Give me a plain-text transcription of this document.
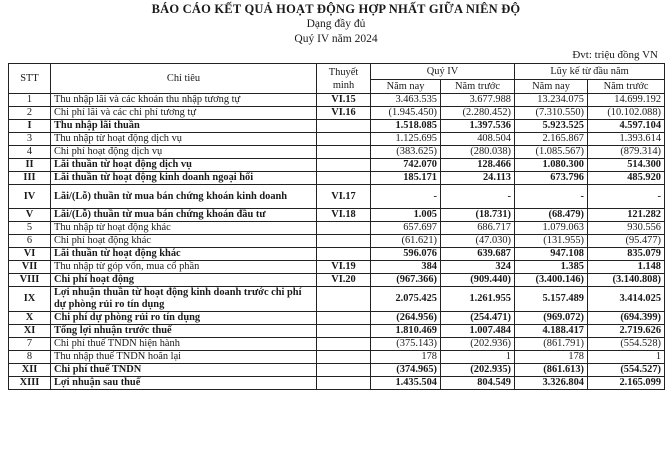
BÁO CÁO KẾT QUẢ HOẠT ĐỘNG HỢP NHẤT GIỮA NIÊN ĐỘ
Dạng đầy đủ
Quý IV năm 2024
Đvt: triệu đồng VN
STT	Chỉ tiêu	Thuyết minh	Quý IV		Lũy kế từ đầu năm	
			Năm nay	Năm trước	Năm nay	Năm trước
1	Thu nhập lãi và các khoản thu nhập tương tự	VI.15	3.463.535	3.677.988	13.234.075	14.699.192
2	Chi phí lãi và các chi phí tương tự	VI.16	(1.945.450)	(2.280.452)	(7.310.550)	(10.102.088)
I	Thu nhập lãi thuần		1.518.085	1.397.536	5.923.525	4.597.104
3	Thu nhập từ hoạt động dịch vụ		1.125.695	408.504	2.165.867	1.393.614
4	Chi phí hoạt động dịch vụ		(383.625)	(280.038)	(1.085.567)	(879.314)
II	Lãi thuần từ hoạt động dịch vụ		742.070	128.466	1.080.300	514.300
III	Lãi thuần từ hoạt động kinh doanh ngoại hối		185.171	24.113	673.796	485.920
IV	Lãi/(Lỗ) thuần từ mua bán chứng khoán kinh doanh	VI.17	-	-	-	-
V	Lãi/(Lỗ) thuần từ mua bán chứng khoán đầu tư	VI.18	1.005	(18.731)	(68.479)	121.282
5	Thu nhập từ hoạt động khác		657.697	686.717	1.079.063	930.556
6	Chi phí hoạt động khác		(61.621)	(47.030)	(131.955)	(95.477)
VI	Lãi thuần từ hoạt động khác		596.076	639.687	947.108	835.079
VII	Thu nhập từ góp vốn, mua cổ phần	VI.19	384	324	1.385	1.148
VIII	Chi phí hoạt động	VI.20	(967.366)	(909.440)	(3.400.146)	(3.140.808)
IX	Lợi nhuận thuần từ hoạt động kinh doanh trước chi phí dự phòng rủi ro tín dụng		2.075.425	1.261.955	5.157.489	3.414.025
X	Chi phí dự phòng rủi ro tín dụng		(264.956)	(254.471)	(969.072)	(694.399)
XI	Tổng lợi nhuận trước thuế		1.810.469	1.007.484	4.188.417	2.719.626
7	Chi phí thuế TNDN hiện hành		(375.143)	(202.936)	(861.791)	(554.528)
8	Thu nhập thuế TNDN hoãn lại		178	1	178	1
XII	Chi phí thuế TNDN		(374.965)	(202.935)	(861.613)	(554.527)
XIII	Lợi nhuận sau thuế		1.435.504	804.549	3.326.804	2.165.099
